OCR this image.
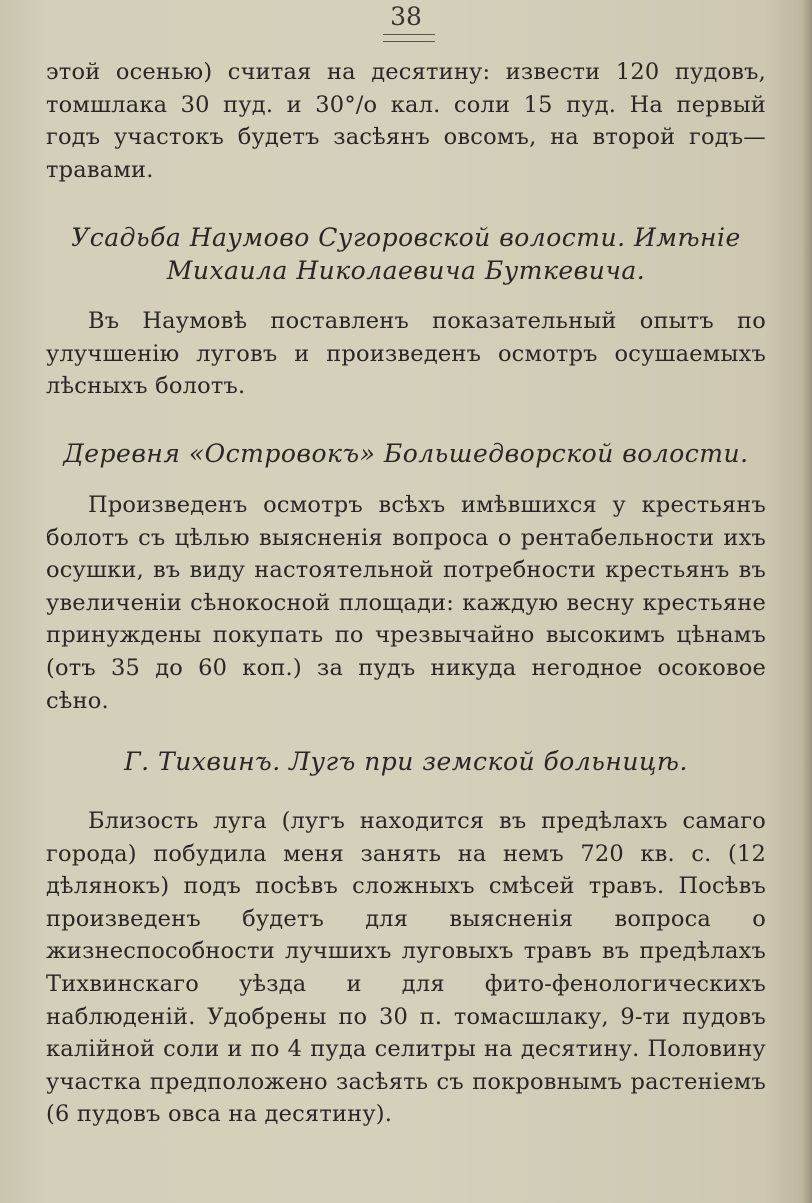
38
этой осенью) считая на десятину: извести 120 пудовъ, томшлака 30 пуд. и 30°/о кал. соли 15 пуд. На первый годъ участокъ будетъ засѣянъ овсомъ, на второй годъ—травами.
Усадьба Наумово Сугоровской волости. Имѣніе Михаила Николаевича Буткевича.
Въ Наумовѣ поставленъ показательный опытъ по улучшенію луговъ и произведенъ осмотръ осушаемыхъ лѣсныхъ болотъ.
Деревня «Островокъ» Большедворской волости.
Произведенъ осмотръ всѣхъ имѣвшихся у крестьянъ болотъ съ цѣлью выясненія вопроса о рентабельности ихъ осушки, въ виду настоятельной потребности крестьянъ въ увеличеніи сѣнокосной площади: каждую весну крестьяне принуждены покупать по чрезвычайно высокимъ цѣнамъ (отъ 35 до 60 коп.) за пудъ никуда негодное осоковое сѣно.
Г. Тихвинъ. Лугъ при земской больницѣ.
Близость луга (лугъ находится въ предѣлахъ самаго города) побудила меня занять на немъ 720 кв. с. (12 дѣлянокъ) подъ посѣвъ сложныхъ смѣсей травъ. Посѣвъ произведенъ будетъ для выясненія вопроса о жизнеспособности лучшихъ луговыхъ травъ въ предѣлахъ Тихвинскаго уѣзда и для фито-фенологическихъ наблюденій. Удобрены по 30 п. томасшлаку, 9-ти пудовъ калійной соли и по 4 пуда селитры на десятину. Половину участка предположено засѣять съ покровнымъ растеніемъ (6 пудовъ овса на десятину).
